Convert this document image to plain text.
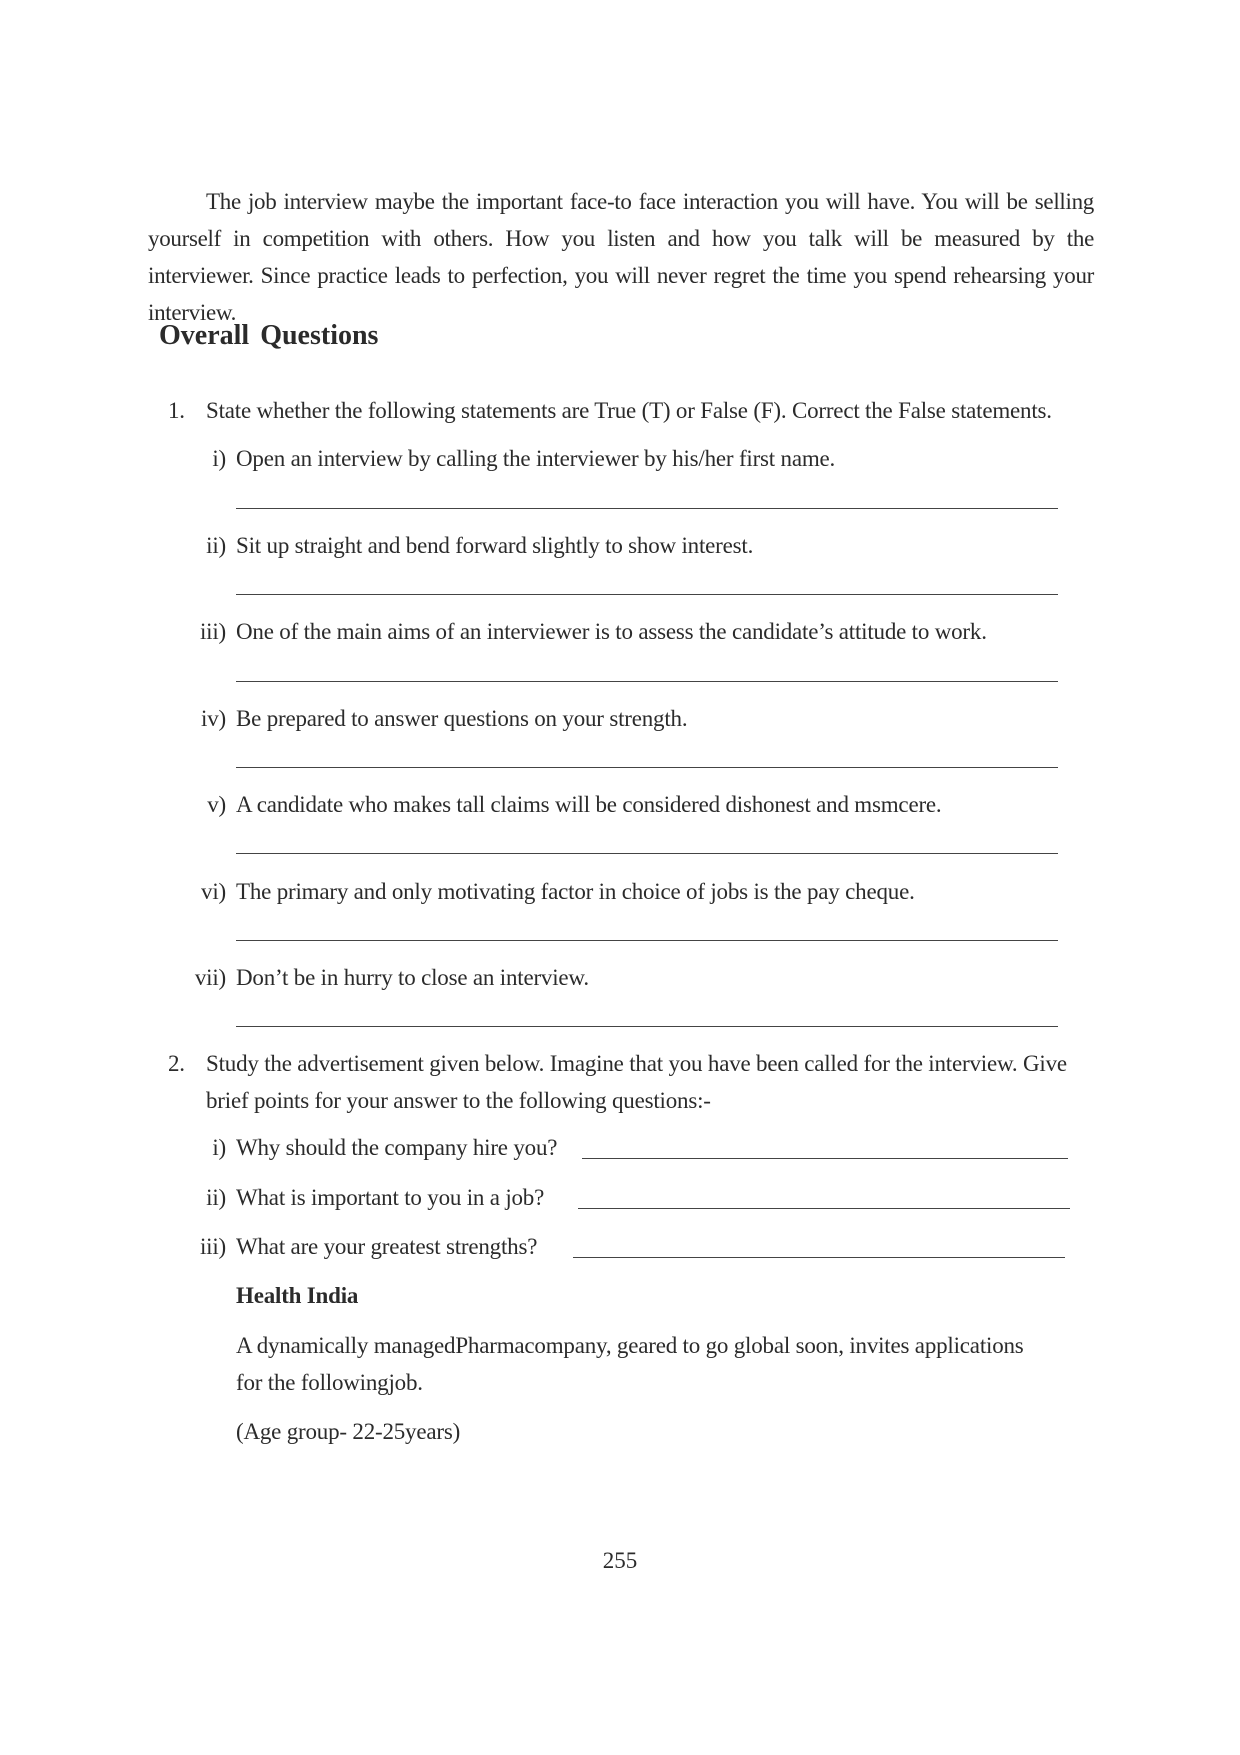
The job interview maybe the important face-to face interaction you will have. You will be selling yourself in competition with others. How you listen and how you talk will be measured by the interviewer. Since practice leads to perfection, you will never regret the time you spend rehearsing your interview.
Overall Questions
1. State whether the following statements are True (T) or False (F). Correct the False statements.
i) Open an interview by calling the interviewer by his/her first name.
ii) Sit up straight and bend forward slightly to show interest.
iii) One of the main aims of an interviewer is to assess the candidate’s attitude to work.
iv) Be prepared to answer questions on your strength.
v) A candidate who makes tall claims will be considered dishonest and msmcere.
vi) The primary and only motivating factor in choice of jobs is the pay cheque.
vii) Don’t be in hurry to close an interview.
2. Study the advertisement given below. Imagine that you have been called for the interview. Give
brief points for your answer to the following questions:-
i) Why should the company hire you?
ii) What is important to you in a job?
iii) What are your greatest strengths?
Health India
A dynamically managedPharmacompany, geared to go global soon, invites applications
for the followingjob.
(Age group- 22-25years)
255
